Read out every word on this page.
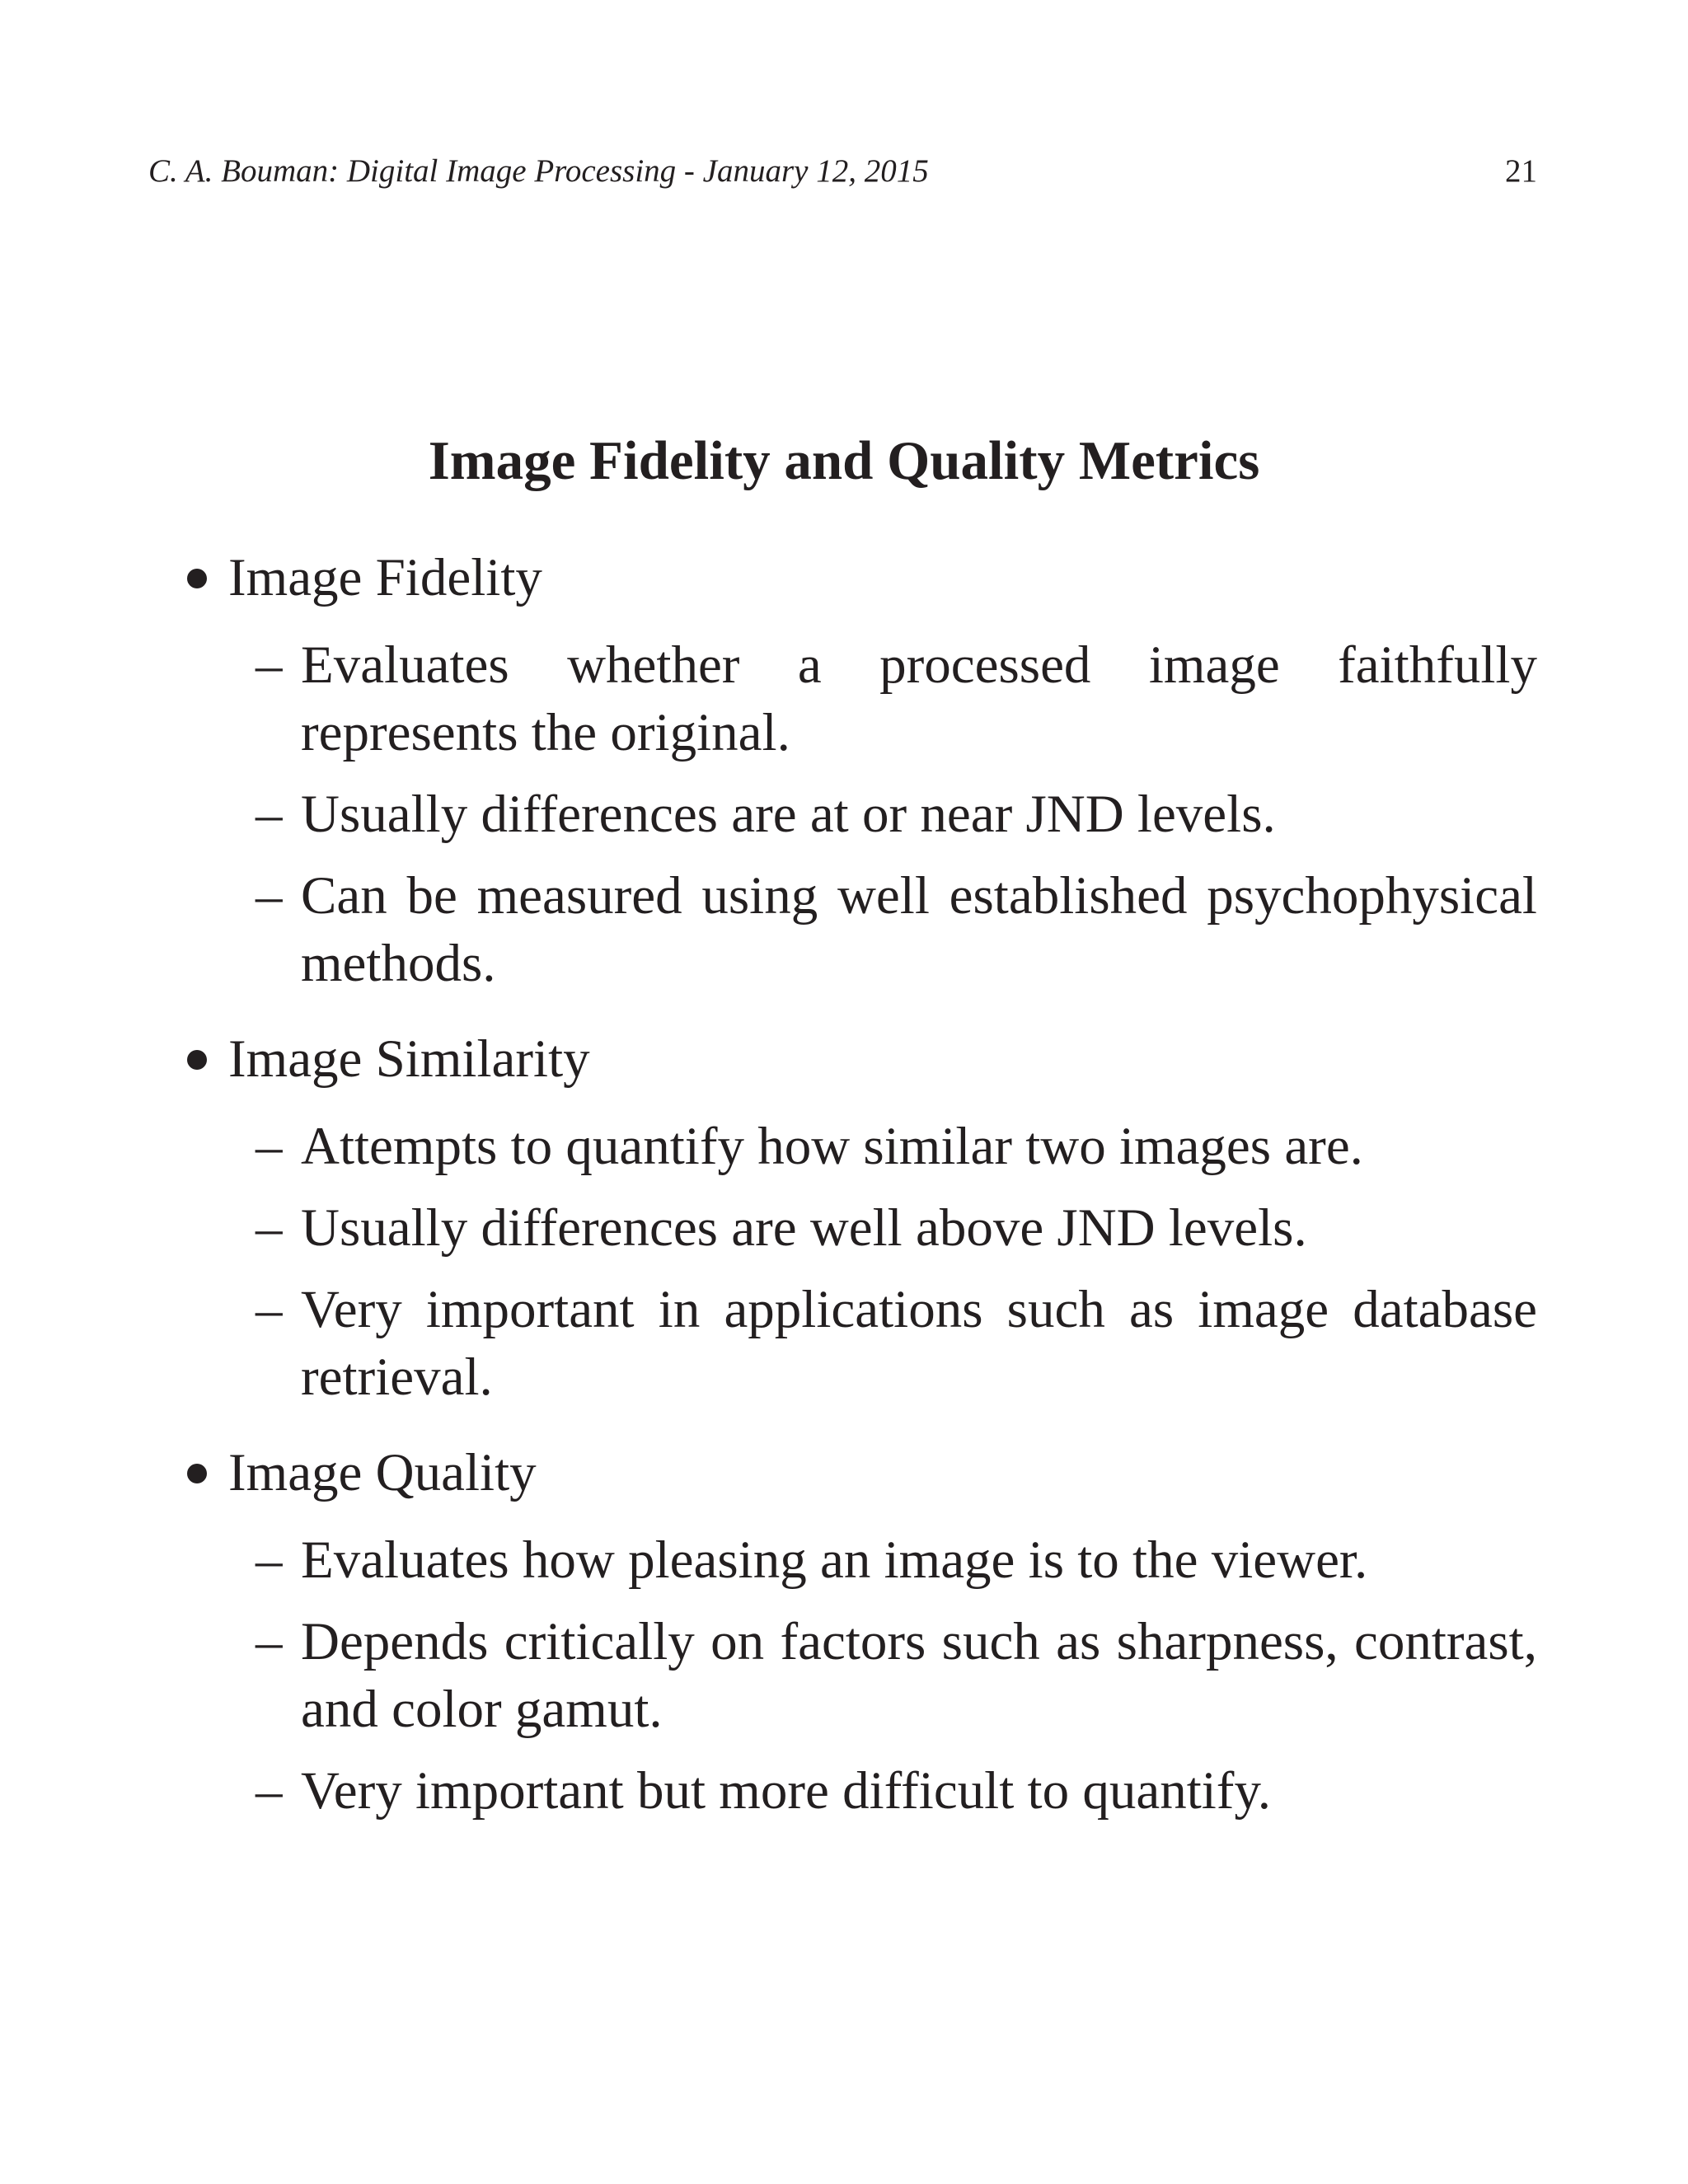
C. A. Bouman: Digital Image Processing - January 12, 2015	21
Image Fidelity and Quality Metrics
Image Fidelity
– Evaluates whether a processed image faithfully represents the original.
– Usually differences are at or near JND levels.
– Can be measured using well established psychophysical methods.
Image Similarity
– Attempts to quantify how similar two images are.
– Usually differences are well above JND levels.
– Very important in applications such as image database retrieval.
Image Quality
– Evaluates how pleasing an image is to the viewer.
– Depends critically on factors such as sharpness, contrast, and color gamut.
– Very important but more difficult to quantify.
